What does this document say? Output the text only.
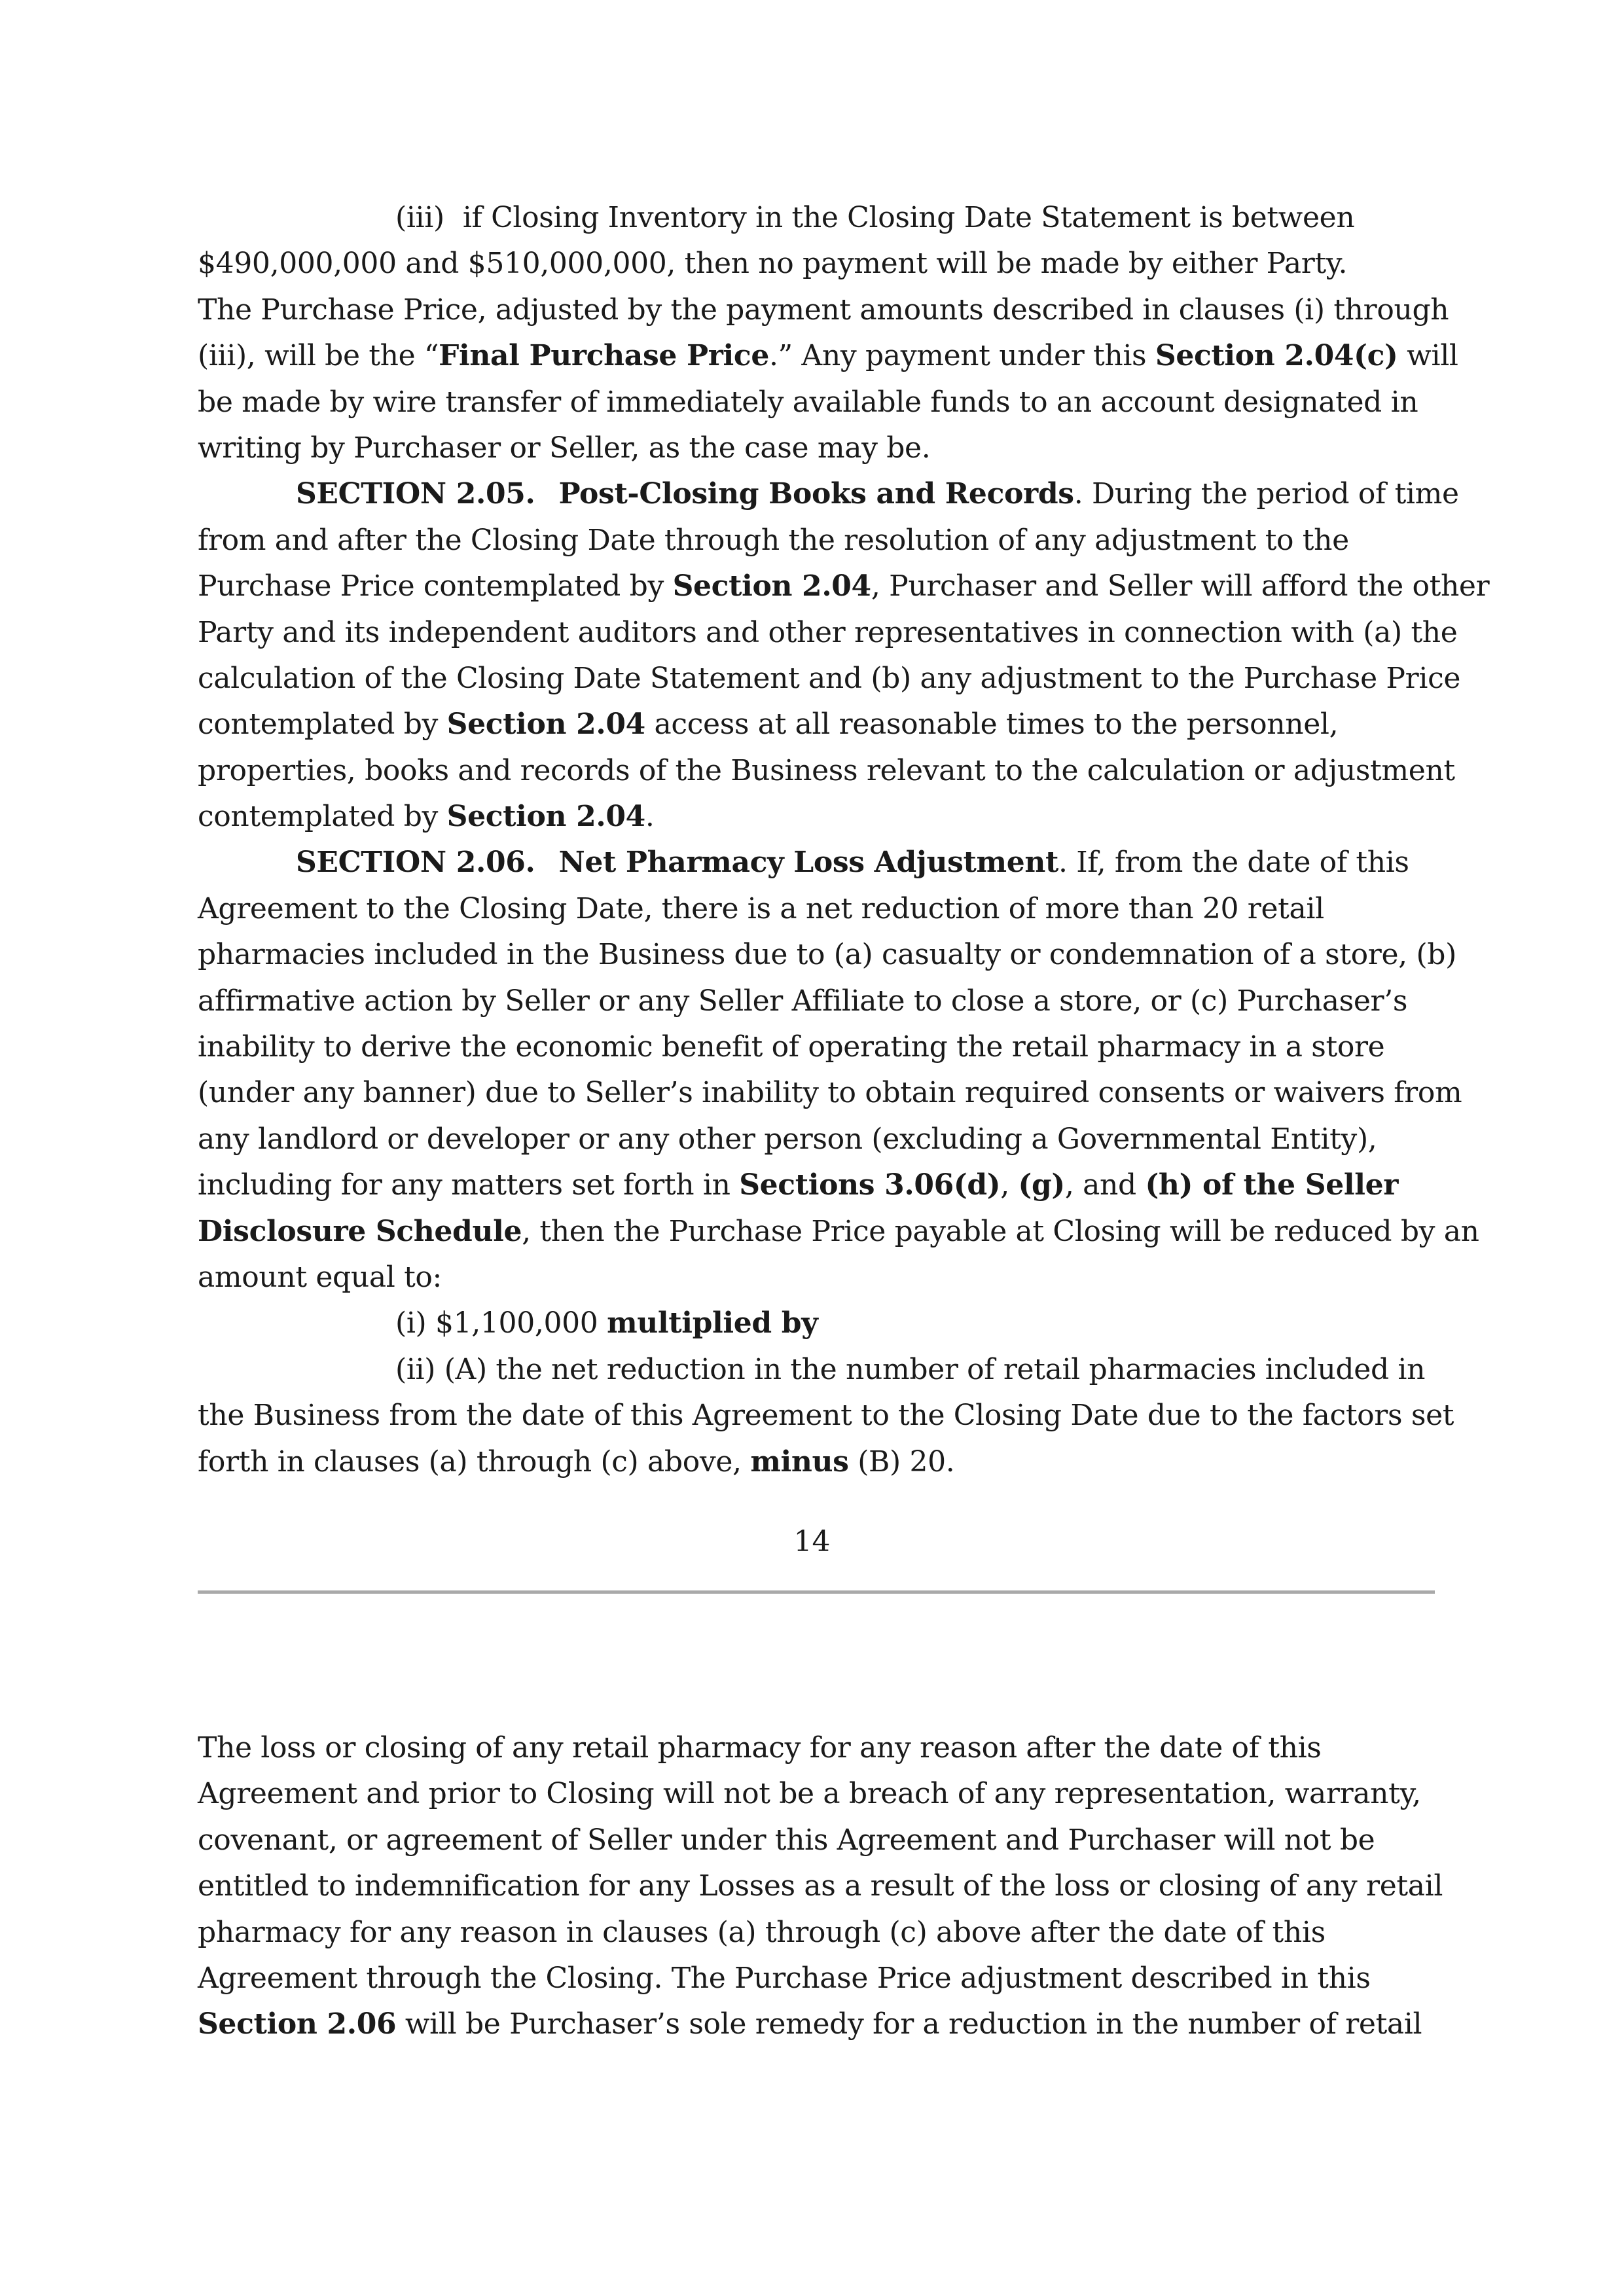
(iii) if Closing Inventory in the Closing Date Statement is between
$490,000,000 and $510,000,000, then no payment will be made by either Party.
The Purchase Price, adjusted by the payment amounts described in clauses (i) through
(iii), will be the “Final Purchase Price.” Any payment under this Section 2.04(c) will
be made by wire transfer of immediately available funds to an account designated in
writing by Purchaser or Seller, as the case may be.
SECTION 2.05. Post-Closing Books and Records. During the period of time
from and after the Closing Date through the resolution of any adjustment to the
Purchase Price contemplated by Section 2.04, Purchaser and Seller will afford the other
Party and its independent auditors and other representatives in connection with (a) the
calculation of the Closing Date Statement and (b) any adjustment to the Purchase Price
contemplated by Section 2.04 access at all reasonable times to the personnel,
properties, books and records of the Business relevant to the calculation or adjustment
contemplated by Section 2.04.
SECTION 2.06. Net Pharmacy Loss Adjustment. If, from the date of this
Agreement to the Closing Date, there is a net reduction of more than 20 retail
pharmacies included in the Business due to (a) casualty or condemnation of a store, (b)
affirmative action by Seller or any Seller Affiliate to close a store, or (c) Purchaser’s
inability to derive the economic benefit of operating the retail pharmacy in a store
(under any banner) due to Seller’s inability to obtain required consents or waivers from
any landlord or developer or any other person (excluding a Governmental Entity),
including for any matters set forth in Sections 3.06(d), (g), and (h) of the Seller
Disclosure Schedule, then the Purchase Price payable at Closing will be reduced by an
amount equal to:
(i) $1,100,000 multiplied by
(ii) (A) the net reduction in the number of retail pharmacies included in
the Business from the date of this Agreement to the Closing Date due to the factors set
forth in clauses (a) through (c) above, minus (B) 20.
14
The loss or closing of any retail pharmacy for any reason after the date of this
Agreement and prior to Closing will not be a breach of any representation, warranty,
covenant, or agreement of Seller under this Agreement and Purchaser will not be
entitled to indemnification for any Losses as a result of the loss or closing of any retail
pharmacy for any reason in clauses (a) through (c) above after the date of this
Agreement through the Closing. The Purchase Price adjustment described in this
Section 2.06 will be Purchaser’s sole remedy for a reduction in the number of retail
